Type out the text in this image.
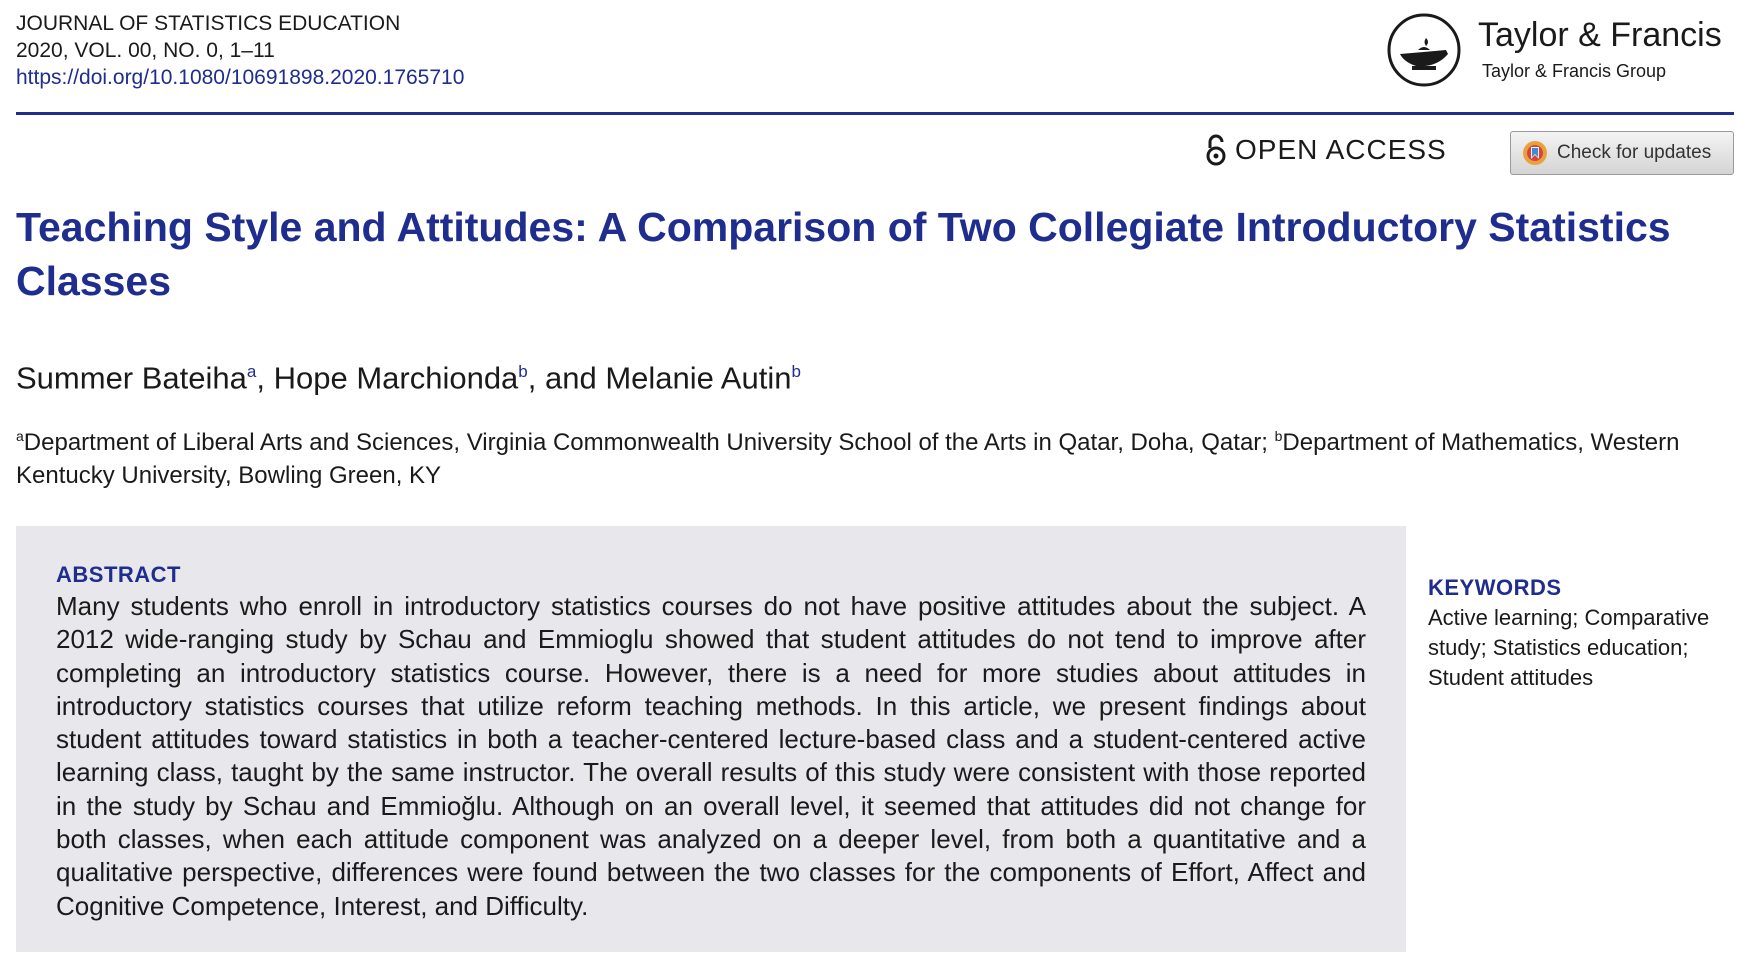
JOURNAL OF STATISTICS EDUCATION
2020, VOL. 00, NO. 0, 1–11
https://doi.org/10.1080/10691898.2020.1765710
Taylor & Francis
Taylor & Francis Group
OPEN ACCESS	Check for updates
Teaching Style and Attitudes: A Comparison of Two Collegiate Introductory Statistics Classes
Summer Bateiha$^a$, Hope Marchionda$^b$, and Melanie Autin$^b$
$^a$Department of Liberal Arts and Sciences, Virginia Commonwealth University School of the Arts in Qatar, Doha, Qatar; $^b$Department of Mathematics, Western Kentucky University, Bowling Green, KY
ABSTRACT

Many students who enroll in introductory statistics courses do not have positive attitudes about the subject. A 2012 wide-ranging study by Schau and Emmioglu showed that student attitudes do not tend to improve after completing an introductory statistics course. However, there is a need for more studies about attitudes in introductory statistics courses that utilize reform teaching methods. In this article, we present findings about student attitudes toward statistics in both a teacher-centered lecture-based class and a student-centered active learning class, taught by the same instructor. The overall results of this study were consistent with those reported in the study by Schau and Emmioğlu. Although on an overall level, it seemed that attitudes did not change for both classes, when each attitude component was analyzed on a deeper level, from both a quantitative and a qualitative perspective, differences were found between the two classes for the components of Effort, Affect and Cognitive Competence, Interest, and Difficulty.

KEYWORDS
Active learning; Comparative study; Statistics education; Student attitudes
